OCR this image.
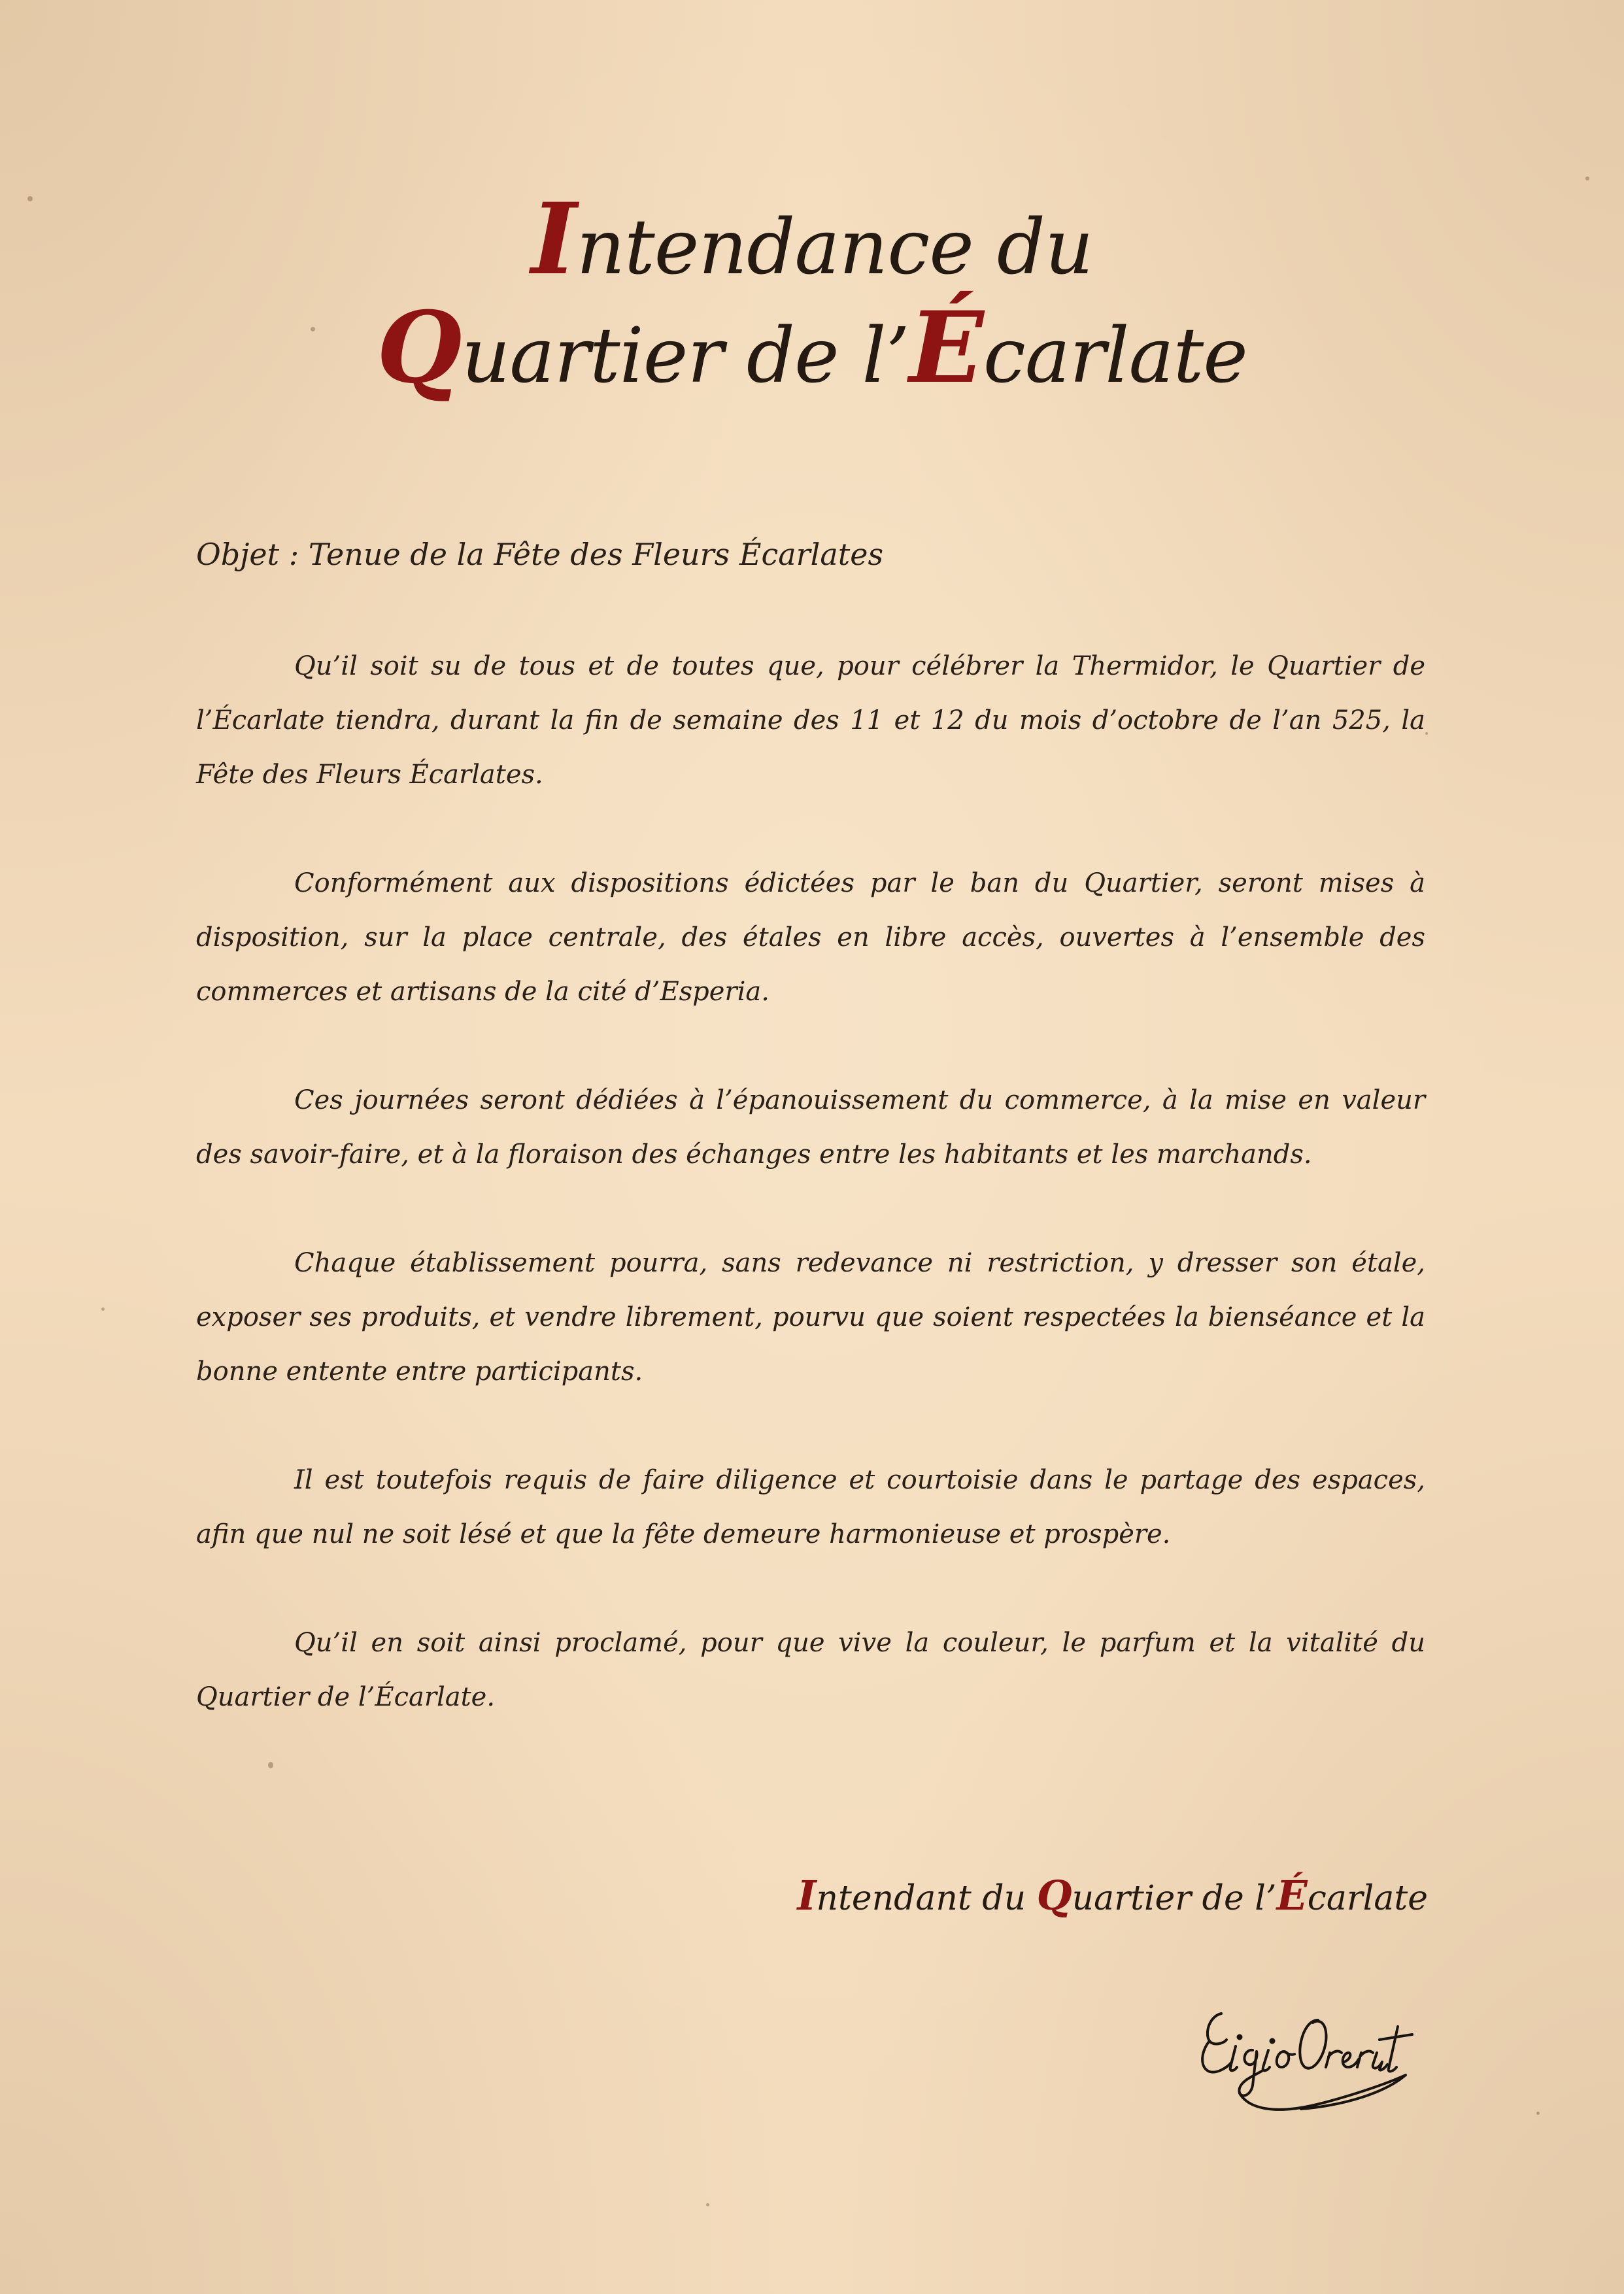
Intendance du
Quartier de l’Écarlate
Objet : Tenue de la Fête des Fleurs Écarlates

Qu’il soit su de tous et de toutes que, pour célébrer la Thermidor, le Quartier de l’Écarlate tiendra, durant la fin de semaine des 11 et 12 du mois d’octobre de l’an 525, la Fête des Fleurs Écarlates.

Conformément aux dispositions édictées par le ban du Quartier, seront mises à disposition, sur la place centrale, des étales en libre accès, ouvertes à l’ensemble des commerces et artisans de la cité d’Esperia.

Ces journées seront dédiées à l’épanouissement du commerce, à la mise en valeur des savoir-faire, et à la floraison des échanges entre les habitants et les marchands.

Chaque établissement pourra, sans redevance ni restriction, y dresser son étale, exposer ses produits, et vendre librement, pourvu que soient respectées la bienséance et la bonne entente entre participants.

Il est toutefois requis de faire diligence et courtoisie dans le partage des espaces, afin que nul ne soit lésé et que la fête demeure harmonieuse et prospère.

Qu’il en soit ainsi proclamé, pour que vive la couleur, le parfum et la vitalité du Quartier de l’Écarlate.

Intendant du Quartier de l’Écarlate
